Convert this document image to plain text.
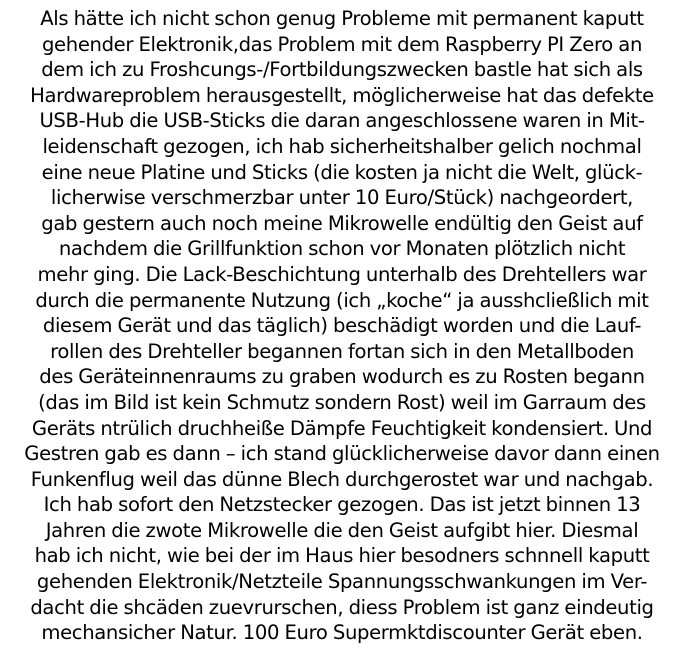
Als hätte ich nicht schon genug Probleme mit permanent kaputt
gehender Elektronik,das Problem mit dem Raspberry PI Zero an
dem ich zu Froshcungs-/Fortbildungszwecken bastle hat sich als
Hardwareproblem herausgestellt, möglicherweise hat das defekte
USB-Hub die USB-Sticks die daran angeschlossene waren in Mit-
leidenschaft gezogen, ich hab sicherheitshalber gelich nochmal
eine neue Platine und Sticks (die kosten ja nicht die Welt, glück-
licherwise verschmerzbar unter 10 Euro/Stück) nachgeordert,
gab gestern auch noch meine Mikrowelle endültig den Geist auf
nachdem die Grillfunktion schon vor Monaten plötzlich nicht
mehr ging. Die Lack-Beschichtung unterhalb des Drehtellers war
durch die permanente Nutzung (ich „koche“ ja ausshcließlich mit
diesem Gerät und das täglich) beschädigt worden und die Lauf-
rollen des Drehteller begannen fortan sich in den Metallboden
des Geräteinnenraums zu graben wodurch es zu Rosten begann
(das im Bild ist kein Schmutz sondern Rost) weil im Garraum des
Geräts ntrülich druchheiße Dämpfe Feuchtigkeit kondensiert. Und
Gestren gab es dann – ich stand glücklicherweise davor dann einen
Funkenflug weil das dünne Blech durchgerostet war und nachgab.
Ich hab sofort den Netzstecker gezogen. Das ist jetzt binnen 13
Jahren die zwote Mikrowelle die den Geist aufgibt hier. Diesmal
hab ich nicht, wie bei der im Haus hier besodners schnnell kaputt
gehenden Elektronik/Netzteile Spannungsschwankungen im Ver-
dacht die shcäden zuevrurschen, diess Problem ist ganz eindeutig
mechansicher Natur. 100 Euro Supermktdiscounter Gerät eben.
